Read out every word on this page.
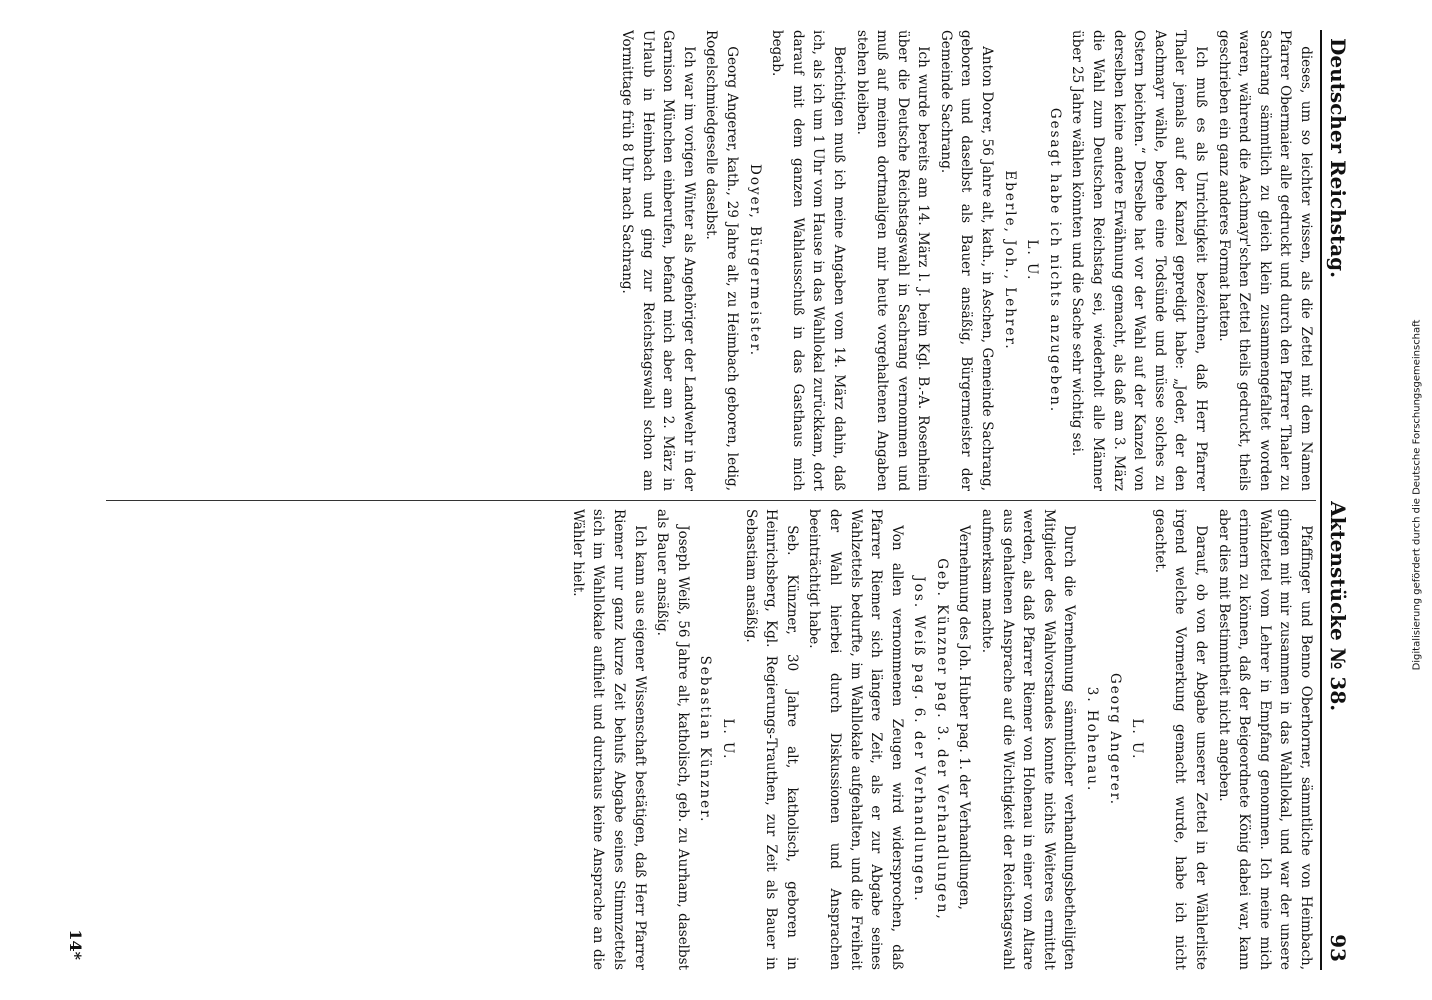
Deutscher Reichstag.
Aktenstücke № 38.
93

dieses, um so leichter wissen, als die Zettel mit dem Namen Pfarrer Obermaier alle gedruckt und durch den Pfarrer Thaler zu Sachrang sämmtlich zu gleich klein zusammengefaltet worden waren, während die Aachmayr'schen Zettel theils gedruckt, theils geschrieben ein ganz anderes Format hatten.

Ich muß es als Unrichtigkeit bezeichnen, daß Herr Pfarrer Thaler jemals auf der Kanzel gepredigt habe: „Jeder, der den Aachmayr wähle, begehe eine Todsünde und müsse solches zu Ostern beichten.“ Derselbe hat vor der Wahl auf der Kanzel von derselben keine andere Erwähnung gemacht, als daß am 3. März die Wahl zum Deutschen Reichstag sei, wiederholt alle Männer über 25 Jahre wählen könnten und die Sache sehr wichtig sei.

Gesagt habe ich nichts anzugeben.

L. U.

Eberle, Joh., Lehrer.

Anton Dorer, 56 Jahre alt, kath., in Aschen, Gemeinde Sachrang, geboren und daselbst als Bauer ansäßig, Bürgermeister der Gemeinde Sachrang.

Ich wurde bereits am 14. März l. J. beim Kgl. B.-A. Rosenheim über die Deutsche Reichstagswahl in Sachrang vernommen und muß auf meinen dortmaligen mir heute vorgehaltenen Angaben stehen bleiben.

Berichtigen muß ich meine Angaben vom 14. März dahin, daß ich, als ich um 1 Uhr vom Hause in das Wahllokal zurückkam, dort darauf mit dem ganzen Wahlausschuß in das Gasthaus mich begab.

Doyer, Bürgermeister.

Georg Angerer, kath., 29 Jahre alt, zu Heimbach geboren, ledig, Rogelschmiedgeselle daselbst.

Ich war im vorigen Winter als Angehöriger der Landwehr in der Garnison München einberufen, befand mich aber am 2. März in Urlaub in Heimbach und ging zur Reichstagswahl schon am Vormittage früh 8 Uhr nach Sachrang.

Pfaffinger und Benno Oberhorner, sämmtliche von Heimbach, gingen mit mir zusammen in das Wahllokal, und war der unsere Wahlzettel vom Lehrer in Empfang genommen. Ich meine mich erinnern zu können, daß der Beigeordnete König dabei war, kann aber dies mit Bestimmtheit nicht angeben.

Darauf, ob von der Abgabe unserer Zettel in der Wählerliste irgend welche Vormerkung gemacht wurde, habe ich nicht geachtet.

L. U.

Georg Angerer.

3. Hohenau.

Durch die Vernehmung sämmtlicher verhandlungsbetheiligten Mitglieder des Wahlvorstandes konnte nichts Weiteres ermittelt werden, als daß Pfarrer Riemer von Hohenau in einer vom Altare aus gehaltenen Ansprache auf die Wichtigkeit der Reichstagswahl aufmerksam machte.

Vernehmung des Joh. Huber pag. 1. der Verhandlungen,

Geb. Künzner pag. 3. der Verhandlungen,

Jos. Weiß pag. 6. der Verhandlungen.

Von allen vernommenen Zeugen wird widersprochen, daß Pfarrer Riemer sich längere Zeit, als er zur Abgabe seines Wahlzettels bedurfte, im Wahllokale aufgehalten, und die Freiheit der Wahl hierbei durch Diskussionen und Ansprachen beeinträchtigt habe.

Seb. Künzner, 30 Jahre alt, katholisch, geboren in Heinrichsberg, Kgl. Regierungs-Trauthen, zur Zeit als Bauer in Sebastiam ansäßig.

L. U.

Sebastian Künzner.

Joseph Weiß, 56 Jahre alt, katholisch, geb. zu Aurham, daselbst als Bauer ansäßig.

Ich kann aus eigener Wissenschaft bestätigen, daß Herr Pfarrer Riemer nur ganz kurze Zeit behufs Abgabe seines Stimmzettels sich im Wahllokale aufhielt und durchaus keine Ansprache an die Wähler hielt.

14*
Digitalisierung gefördert durch die Deutsche Forschungsgemeinschaft
